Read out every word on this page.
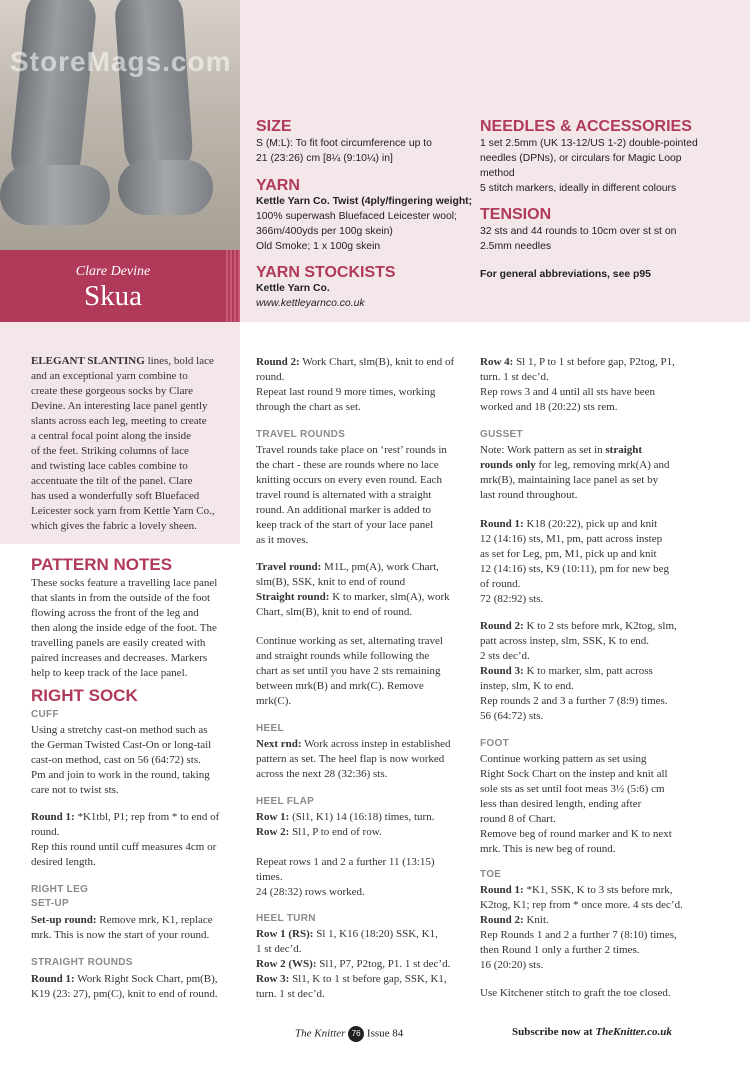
StoreMags.com
Clare Devine
Skua
SIZE
S (M:L): To fit foot circumference up to
21 (23:26) cm [8¼ (9:10¼) in]
YARN
Kettle Yarn Co. Twist (4ply/fingering weight;
100% superwash Bluefaced Leicester wool;
366m/400yds per 100g skein)
Old Smoke; 1 x 100g skein
YARN STOCKISTS
Kettle Yarn Co.
www.kettleyarnco.co.uk
NEEDLES & ACCESSORIES
1 set 2.5mm (UK 13-12/US 1-2) double-pointed
needles (DPNs), or circulars for Magic Loop
method
5 stitch markers, ideally in different colours
TENSION
32 sts and 44 rounds to 10cm over st st on
2.5mm needles
For general abbreviations, see p95
ELEGANT SLANTING lines, bold lace
and an exceptional yarn combine to
create these gorgeous socks by Clare
Devine. An interesting lace panel gently
slants across each leg, meeting to create
a central focal point along the inside
of the feet. Striking columns of lace
and twisting lace cables combine to
accentuate the tilt of the panel. Clare
has used a wonderfully soft Bluefaced
Leicester sock yarn from Kettle Yarn Co.,
which gives the fabric a lovely sheen.
PATTERN NOTES
These socks feature a travelling lace panel
that slants in from the outside of the foot
flowing across the front of the leg and
then along the inside edge of the foot. The
travelling panels are easily created with
paired increases and decreases. Markers
help to keep track of the lace panel.
RIGHT SOCK
CUFF
Using a stretchy cast-on method such as
the German Twisted Cast-On or long-tail
cast-on method, cast on 56 (64:72) sts.
Pm and join to work in the round, taking
care not to twist sts.
Round 1: *K1tbl, P1; rep from * to end of
round.
Rep this round until cuff measures 4cm or
desired length.
RIGHT LEG
SET-UP
Set-up round: Remove mrk, K1, replace
mrk. This is now the start of your round.
STRAIGHT ROUNDS
Round 1: Work Right Sock Chart, pm(B),
K19 (23: 27), pm(C), knit to end of round.
Round 2: Work Chart, slm(B), knit to end of
round.
Repeat last round 9 more times, working
through the chart as set.
TRAVEL ROUNDS
Travel rounds take place on ‘rest’ rounds in
the chart - these are rounds where no lace
knitting occurs on every even round. Each
travel round is alternated with a straight
round. An additional marker is added to
keep track of the start of your lace panel
as it moves.
Travel round: M1L, pm(A), work Chart,
slm(B), SSK, knit to end of round
Straight round: K to marker, slm(A), work
Chart, slm(B), knit to end of round.
Continue working as set, alternating travel
and straight rounds while following the
chart as set until you have 2 sts remaining
between mrk(B) and mrk(C). Remove
mrk(C).
HEEL
Next rnd: Work across instep in established
pattern as set. The heel flap is now worked
across the next 28 (32:36) sts.
HEEL FLAP
Row 1: (Sl1, K1) 14 (16:18) times, turn.
Row 2: Sl1, P to end of row.
Repeat rows 1 and 2 a further 11 (13:15)
times.
24 (28:32) rows worked.
HEEL TURN
Row 1 (RS): Sl 1, K16 (18:20) SSK, K1,
1 st dec’d.
Row 2 (WS): Sl1, P7, P2tog, P1. 1 st dec’d.
Row 3: Sl1, K to 1 st before gap, SSK, K1,
turn. 1 st dec’d.
Row 4: Sl 1, P to 1 st before gap, P2tog, P1,
turn. 1 st dec’d.
Rep rows 3 and 4 until all sts have been
worked and 18 (20:22) sts rem.
GUSSET
Note: Work pattern as set in straight
rounds only for leg, removing mrk(A) and
mrk(B), maintaining lace panel as set by
last round throughout.
Round 1: K18 (20:22), pick up and knit
12 (14:16) sts, M1, pm, patt across instep
as set for Leg, pm, M1, pick up and knit
12 (14:16) sts, K9 (10:11), pm for new beg
of round.
72 (82:92) sts.
Round 2: K to 2 sts before mrk, K2tog, slm,
patt across instep, slm, SSK, K to end.
2 sts dec’d.
Round 3: K to marker, slm, patt across
instep, slm, K to end.
Rep rounds 2 and 3 a further 7 (8:9) times.
56 (64:72) sts.
FOOT
Continue working pattern as set using
Right Sock Chart on the instep and knit all
sole sts as set until foot meas 3½ (5:6) cm
less than desired length, ending after
round 8 of Chart.
Remove beg of round marker and K to next
mrk. This is new beg of round.
TOE
Round 1: *K1, SSK, K to 3 sts before mrk,
K2tog, K1; rep from * once more. 4 sts dec’d.
Round 2: Knit.
Rep Rounds 1 and 2 a further 7 (8:10) times,
then Round 1 only a further 2 times.
16 (20:20) sts.
Use Kitchener stitch to graft the toe closed.
The Knitter 76 Issue 84	Subscribe now at TheKnitter.co.uk
